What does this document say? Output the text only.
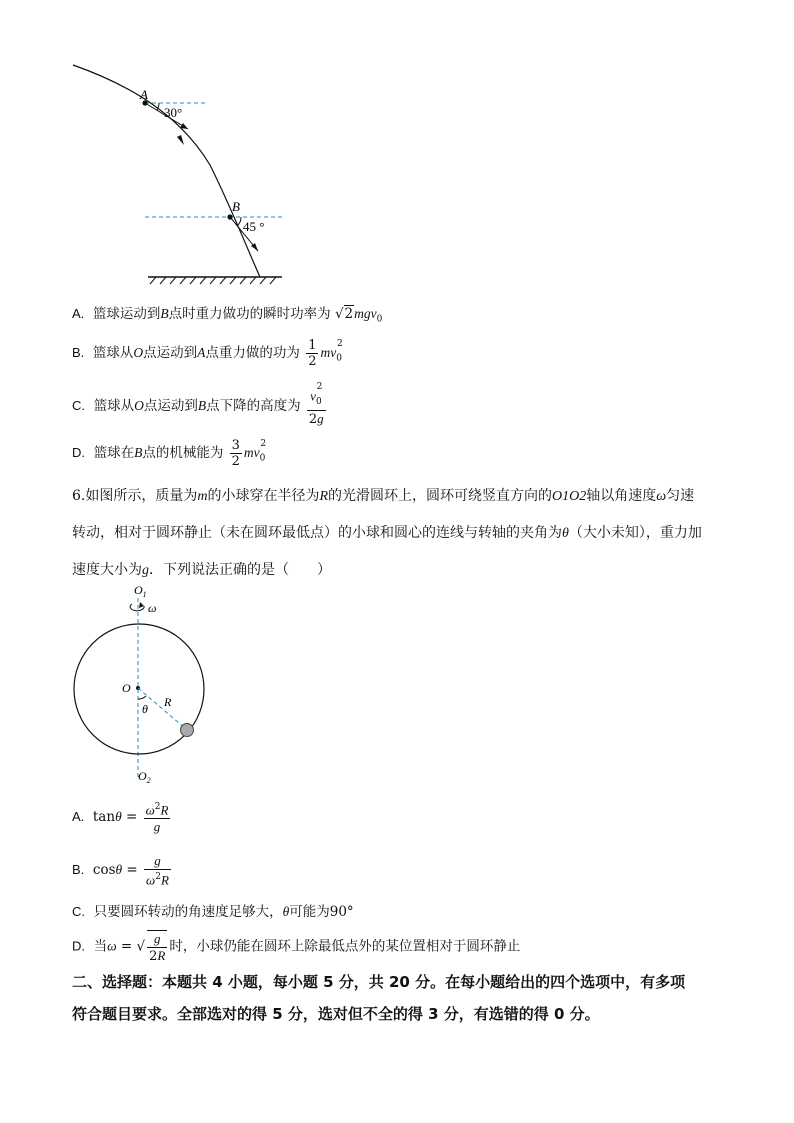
A
30°
B
45 °
A. 篮球运动到B点时重力做功的瞬时功率为 √2mgv$_0$
B. 篮球从O点运动到A点重力做的功为 $\frac{1}{2} mv_0^2$
C. 篮球从O点运动到B点下降的高度为 $\frac{v_0^2}{2g}$
D. 篮球在B点的机械能为 $\frac{3}{2} mv_0^2$
6.如图所示，质量为m的小球穿在半径为R的光滑圆环上，圆环可绕竖直方向的O1O2轴以角速度ω匀速
转动，相对于圆环静止（未在圆环最低点）的小球和圆心的连线与转轴的夹角为θ（大小未知），重力加
速度大小为g．下列说法正确的是（　　）
$O_1$
ω
O
R
θ
$O_2$
A.  $\tan\theta = \frac{\omega^2R}{g}$
B.  $\cos\theta = \frac{g}{\omega^2R}$
C. 只要圆环转动的角速度足够大，θ可能为90°
D. 当ω = √ $\frac{g}{2R}$ 时，小球仍能在圆环上除最低点外的某位置相对于圆环静止
二、选择题：本题共 4 小题，每小题 5 分，共 20 分。在每小题给出的四个选项中，有多项
符合题目要求。全部选对的得 5 分，选对但不全的得 3 分，有选错的得 0 分。
